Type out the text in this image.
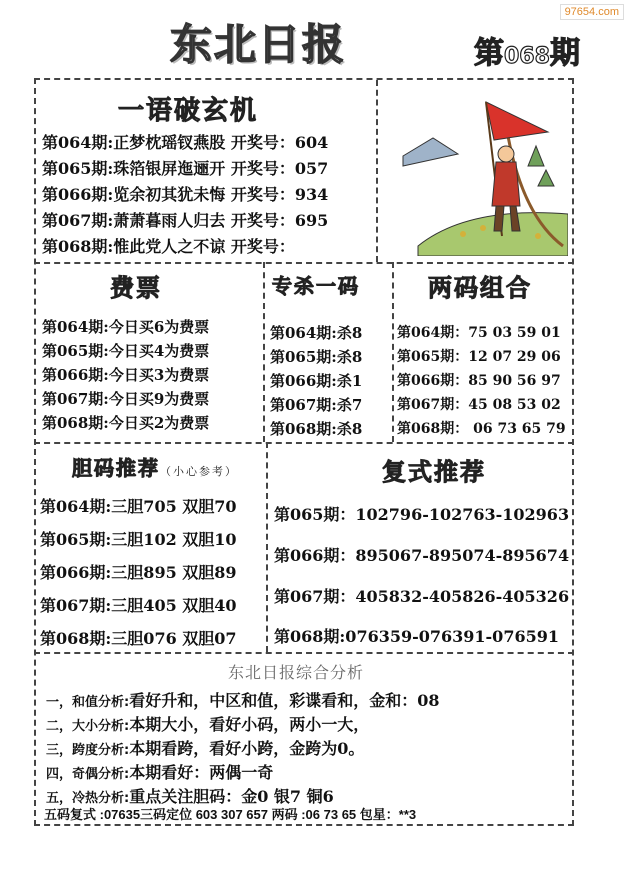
97654.com
东北日报	第068期
一语破玄机
第064期:正梦枕瑶钗燕股 开奖号：604
第065期:珠箔银屏迤逦开 开奖号：057
第066期:览余初其犹未悔 开奖号：934
第067期:萧萧暮雨人归去 开奖号：695
第068期:惟此党人之不谅 开奖号：
费票
第064期:今日买6为费票
第065期:今日买4为费票
第066期:今日买3为费票
第067期:今日买9为费票
第068期:今日买2为费票
专杀一码
第064期:杀8
第065期:杀8
第066期:杀1
第067期:杀7
第068期:杀8
两码组合
第064期：75 03 59 01
第065期：12 07 29 06
第066期：85 90 56 97
第067期：45 08 53 02
第068期： 06 73 65 79
胆码推荐（小心参考）
第064期:三胆705 双胆70
第065期:三胆102 双胆10
第066期:三胆895 双胆89
第067期:三胆405 双胆40
第068期:三胆076 双胆07
复式推荐
第065期：102796-102763-102963
第066期：895067-895074-895674
第067期：405832-405826-405326
第068期:076359-076391-076591
东北日报综合分析
一，和值分析:看好升和，中区和值，彩谍看和，金和：08
二，大小分析:本期大小，看好小码，两小一大，
三，跨度分析:本期看跨，看好小跨，金跨为0。
四，奇偶分析:本期看好：两偶一奇
五，冷热分析:重点关注胆码：金0 银7 铜6
五码复式 :07635三码定位 603 307 657 两码 :06 73 65 包星：**3
